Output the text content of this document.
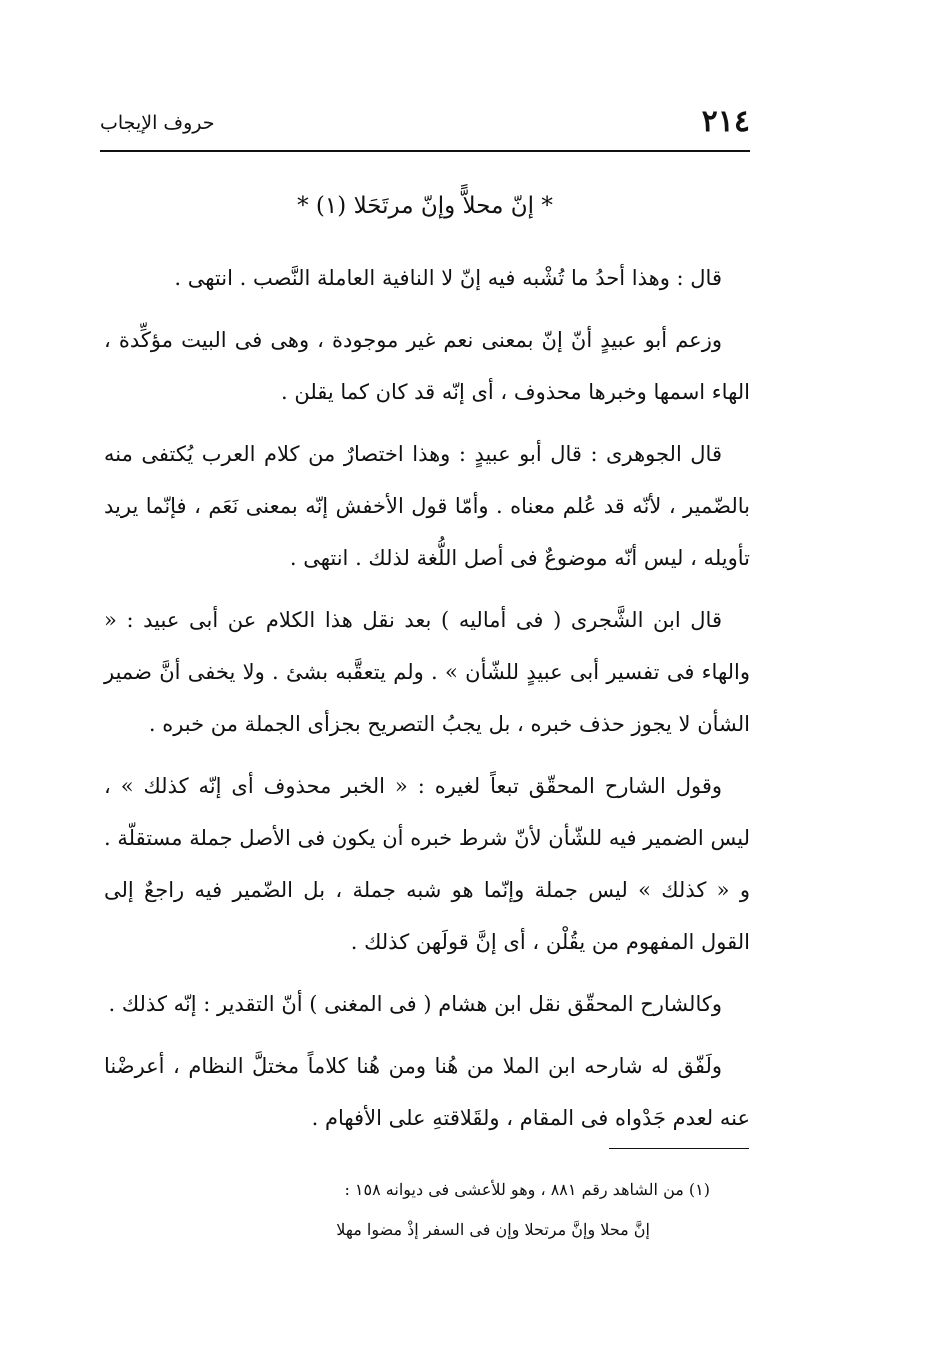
٢١٤
حروف الإيجاب
* إنّ محلاًّ وإنّ مرتَحَلا (١) *

قال : وهذا أحدُ ما تُشْبه فيه إنّ لا النافية العاملة النَّصب . انتهى .

وزعم أبو عبيدٍ أنّ إنّ بمعنى نعم غير موجودة ، وهى فى البيت مؤكِّدة ، الهاء اسمها وخبرها محذوف ، أى إنّه قد كان كما يقلن .

قال الجوهرى : قال أبو عبيدٍ : وهذا اختصارٌ من كلام العرب يُكتفى منه بالضّمير ، لأنّه قد عُلم معناه . وأمّا قول الأخفش إنّه بمعنى نَعَم ، فإنّما يريد تأويله ، ليس أنّه موضوعٌ فى أصل اللُّغة لذلك . انتهى .

قال ابن الشَّجرى ( فى أماليه ) بعد نقل هذا الكلام عن أبى عبيد : « والهاء فى تفسير أبى عبيدٍ للشّأن » . ولم يتعقَّبه بشئ . ولا يخفى أنَّ ضمير الشأن لا يجوز حذف خبره ، بل يجبُ التصريح بجزأى الجملة من خبره .

وقول الشارح المحقّق تبعاً لغيره : « الخبر محذوف أى إنّه كذلك » ، ليس الضمير فيه للشّأن لأنّ شرط خبره أن يكون فى الأصل جملة مستقلّة . و « كذلك » ليس جملة وإنّما هو شبه جملة ، بل الضّمير فيه راجعٌ إلى القول المفهوم من يقُلْن ، أى إنَّ قولَهن كذلك .

وكالشارح المحقّق نقل ابن هشام ( فى المغنى ) أنّ التقدير : إنّه كذلك .

ولَفّق له شارحه ابن الملا من هُنا ومن هُنا كلاماً مختلَّ النظام ، أعرضْنا عنه لعدم جَدْواه فى المقام ، ولقَلاقتهِ على الأفهام .

(١) من الشاهد رقم ٨٨١ ، وهو للأعشى فى ديوانه ١٥٨ :
إنَّ محلا وإنَّ مرتحلا وإن فى السفر إذْ مضوا مهلا
